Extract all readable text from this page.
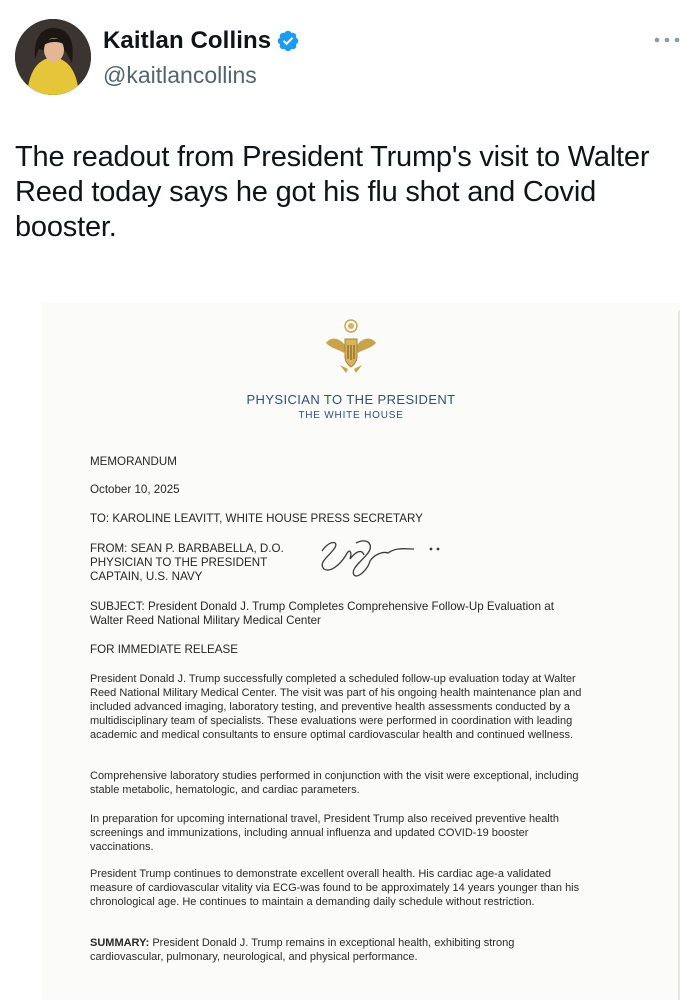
Kaitlan Collins
@kaitlancollins

The readout from President Trump's visit to Walter Reed today says he got his flu shot and Covid booster.

PHYSICIAN TO THE PRESIDENT
THE WHITE HOUSE
MEMORANDUM
October 10, 2025
TO: KAROLINE LEAVITT, WHITE HOUSE PRESS SECRETARY
FROM: SEAN P. BARBABELLA, D.O.
PHYSICIAN TO THE PRESIDENT
CAPTAIN, U.S. NAVY
SUBJECT: President Donald J. Trump Completes Comprehensive Follow-Up Evaluation at
Walter Reed National Military Medical Center
FOR IMMEDIATE RELEASE

President Donald J. Trump successfully completed a scheduled follow-up evaluation today at Walter Reed National Military Medical Center. The visit was part of his ongoing health maintenance plan and included advanced imaging, laboratory testing, and preventive health assessments conducted by a multidisciplinary team of specialists. These evaluations were performed in coordination with leading academic and medical consultants to ensure optimal cardiovascular health and continued wellness.

Comprehensive laboratory studies performed in conjunction with the visit were exceptional, including stable metabolic, hematologic, and cardiac parameters.

In preparation for upcoming international travel, President Trump also received preventive health screenings and immunizations, including annual influenza and updated COVID-19 booster vaccinations.

President Trump continues to demonstrate excellent overall health. His cardiac age-a validated measure of cardiovascular vitality via ECG-was found to be approximately 14 years younger than his chronological age. He continues to maintain a demanding daily schedule without restriction.

SUMMARY: President Donald J. Trump remains in exceptional health, exhibiting strong cardiovascular, pulmonary, neurological, and physical performance.
